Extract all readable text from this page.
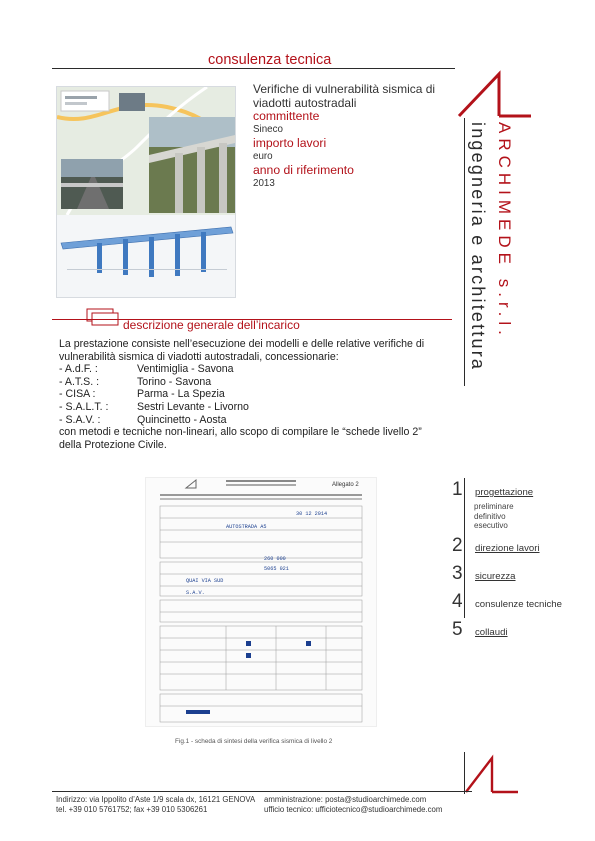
consulenza tecnica
Verifiche di vulnerabilità sismica di viadotti autostradali
committente
Sineco
importo lavori
euro
anno di riferimento
2013	ARCHIMEDE s.r.l.
ingegneria e architettura
descrizione generale dell’incarico

La prestazione consiste nell’esecuzione dei modelli e delle relative verifiche di vulnerabilità sismica di viadotti autostradali, concessionarie:

- A.d.F. :	Ventimiglia - Savona
- A.T.S. :	Torino - Savona
- CISA :	Parma - La Spezia
- S.A.L.T. :	Sestri Levante - Livorno
- S.A.V. :	Quincinetto - Aosta

con metodi e tecniche non-lineari, allo scopo di compilare le “schede livello 2” della Protezione Civile.

Allegato 2
AUTOSTRADA A5
30 12 2014
260 000
5065 021
QUAI VIA SUD
S.A.V.
Fig.1 - scheda di sintesi della verifica sismica di livello 2
1	progettazione
preliminare
definitivo
esecutivo
2	direzione lavori
3	sicurezza
4	consulenze tecniche
5	collaudi
Indirizzo: via Ippolito d’Aste 1/9 scala dx, 16121 GENOVA	amministrazione: posta@studioarchimede.com
tel. +39 010 5761752; fax +39 010 5306261	ufficio tecnico: ufficiotecnico@studioarchimede.com
